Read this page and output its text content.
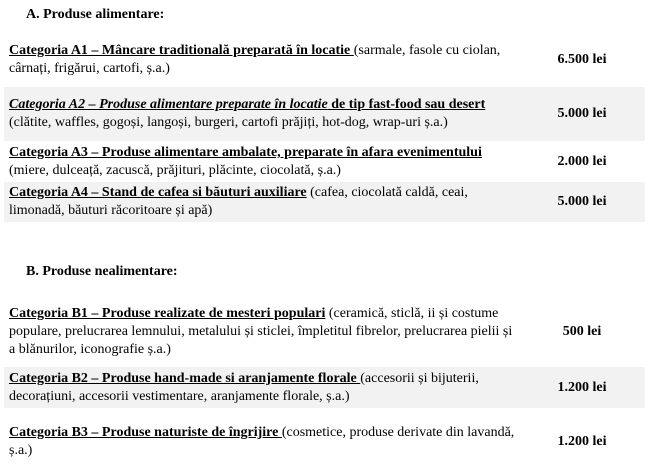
A. Produse alimentare:
Categoria A1 – Mâncare traditională preparată în locatie (sarmale, fasole cu ciolan, cârnați, frigărui, cartofi, ș.a.)
6.500 lei
Categoria A2 – Produse alimentare preparate în locatie de tip fast-food sau desert (clătite, waffles, gogoși, langoși, burgeri, cartofi prăjiți, hot-dog, wrap-uri ș.a.)
5.000 lei
Categoria A3 – Produse alimentare ambalate, preparate în afara evenimentului (miere, dulceață, zacuscă, prăjituri, plăcinte, ciocolată, ș.a.)
2.000 lei
Categoria A4 – Stand de cafea si băuturi auxiliare (cafea, ciocolată caldă, ceai, limonadă, băuturi răcoritoare și apă)
5.000 lei
B. Produse nealimentare:
Categoria B1 – Produse realizate de mesteri populari (ceramică, sticlă, ii și costume populare, prelucrarea lemnului, metalului și sticlei, împletitul fibrelor, prelucrarea pielii și a blănurilor, iconografie ș.a.)
500 lei
Categoria B2 – Produse hand-made si aranjamente florale (accesorii și bijuterii, decorațiuni, accesorii vestimentare, aranjamente florale, ș.a.)
1.200 lei
Categoria B3 – Produse naturiste de îngrijire (cosmetice, produse derivate din lavandă, ș.a.)
1.200 lei
